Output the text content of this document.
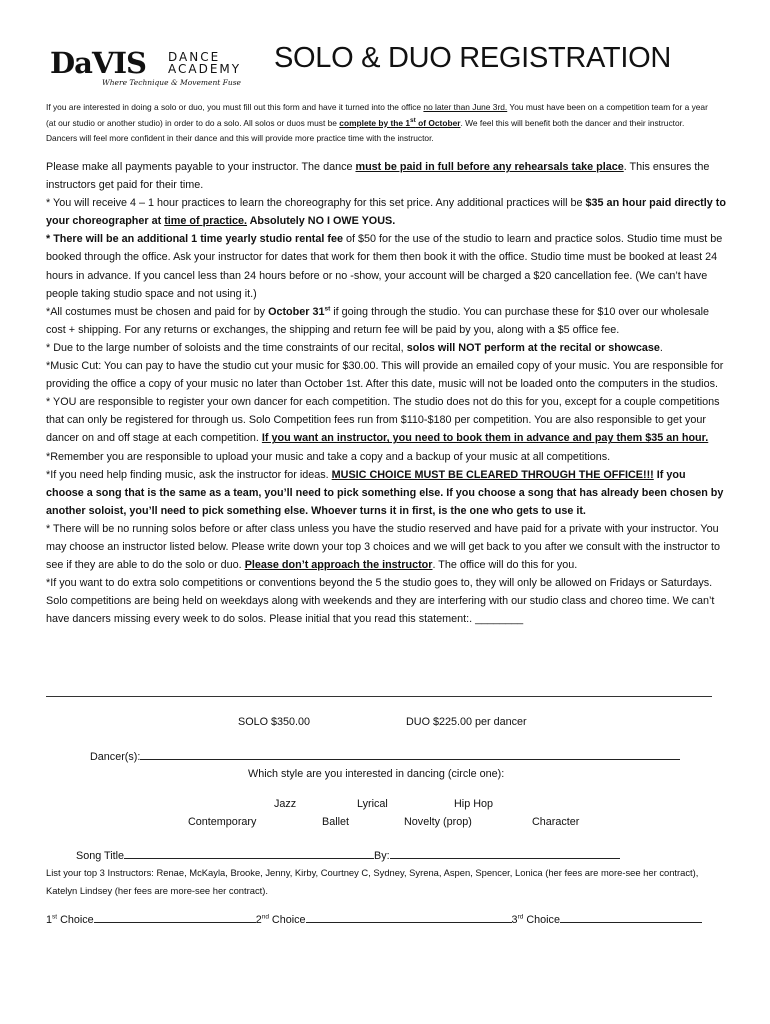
DaVIS DANCE
ACADEMY
Where Technique & Movement Fuse
SOLO & DUO REGISTRATION
If you are interested in doing a solo or duo, you must fill out this form and have it turned into the office no later than June 3rd. You must have been on a competition team for a year (at our studio or another studio) in order to do a solo. All solos or duos must be complete by the 1st of October. We feel this will benefit both the dancer and their instructor. Dancers will feel more confident in their dance and this will provide more practice time with the instructor.

Please make all payments payable to your instructor. The dance must be paid in full before any rehearsals take place. This ensures the instructors get paid for their time.

* You will receive 4 – 1 hour practices to learn the choreography for this set price. Any additional practices will be $35 an hour paid directly to your choreographer at time of practice. Absolutely NO I OWE YOUS.

* There will be an additional 1 time yearly studio rental fee of $50 for the use of the studio to learn and practice solos. Studio time must be booked through the office. Ask your instructor for dates that work for them then book it with the office. Studio time must be booked at least 24 hours in advance. If you cancel less than 24 hours before or no -show, your account will be charged a $20 cancellation fee. (We can’t have people taking studio space and not using it.)

*All costumes must be chosen and paid for by October 31st if going through the studio. You can purchase these for $10 over our wholesale cost + shipping. For any returns or exchanges, the shipping and return fee will be paid by you, along with a $5 office fee.

* Due to the large number of soloists and the time constraints of our recital, solos will NOT perform at the recital or showcase.

*Music Cut: You can pay to have the studio cut your music for $30.00. This will provide an emailed copy of your music. You are responsible for providing the office a copy of your music no later than October 1st. After this date, music will not be loaded onto the computers in the studios.

* YOU are responsible to register your own dancer for each competition. The studio does not do this for you, except for a couple competitions that can only be registered for through us. Solo Competition fees run from $110-$180 per competition. You are also responsible to get your dancer on and off stage at each competition. If you want an instructor, you need to book them in advance and pay them $35 an hour.

*Remember you are responsible to upload your music and take a copy and a backup of your music at all competitions.

*If you need help finding music, ask the instructor for ideas. MUSIC CHOICE MUST BE CLEARED THROUGH THE OFFICE!!! If you choose a song that is the same as a team, you’ll need to pick something else. If you choose a song that has already been chosen by another soloist, you’ll need to pick something else. Whoever turns it in first, is the one who gets to use it.

* There will be no running solos before or after class unless you have the studio reserved and have paid for a private with your instructor. You may choose an instructor listed below. Please write down your top 3 choices and we will get back to you after we consult with the instructor to see if they are able to do the solo or duo. Please don’t approach the instructor. The office will do this for you.

*If you want to do extra solo competitions or conventions beyond the 5 the studio goes to, they will only be allowed on Fridays or Saturdays. Solo competitions are being held on weekdays along with weekends and they are interfering with our studio class and choreo time. We can’t have dancers missing every week to do solos. Please initial that you read this statement:. ________

SOLO $350.00	DUO $225.00 per dancer
Dancer(s):
Which style are you interested in dancing (circle one):
Jazz	Lyrical	Hip Hop
Contemporary	Ballet	Novelty (prop)	Character
Song Title	By:
List your top 3 Instructors: Renae, McKayla, Brooke, Jenny, Kirby, Courtney C, Sydney, Syrena, Aspen, Spencer, Lonica (her fees are more-see her contract), Katelyn Lindsey (her fees are more-see her contract).
1st Choice	2nd Choice	3rd Choice
